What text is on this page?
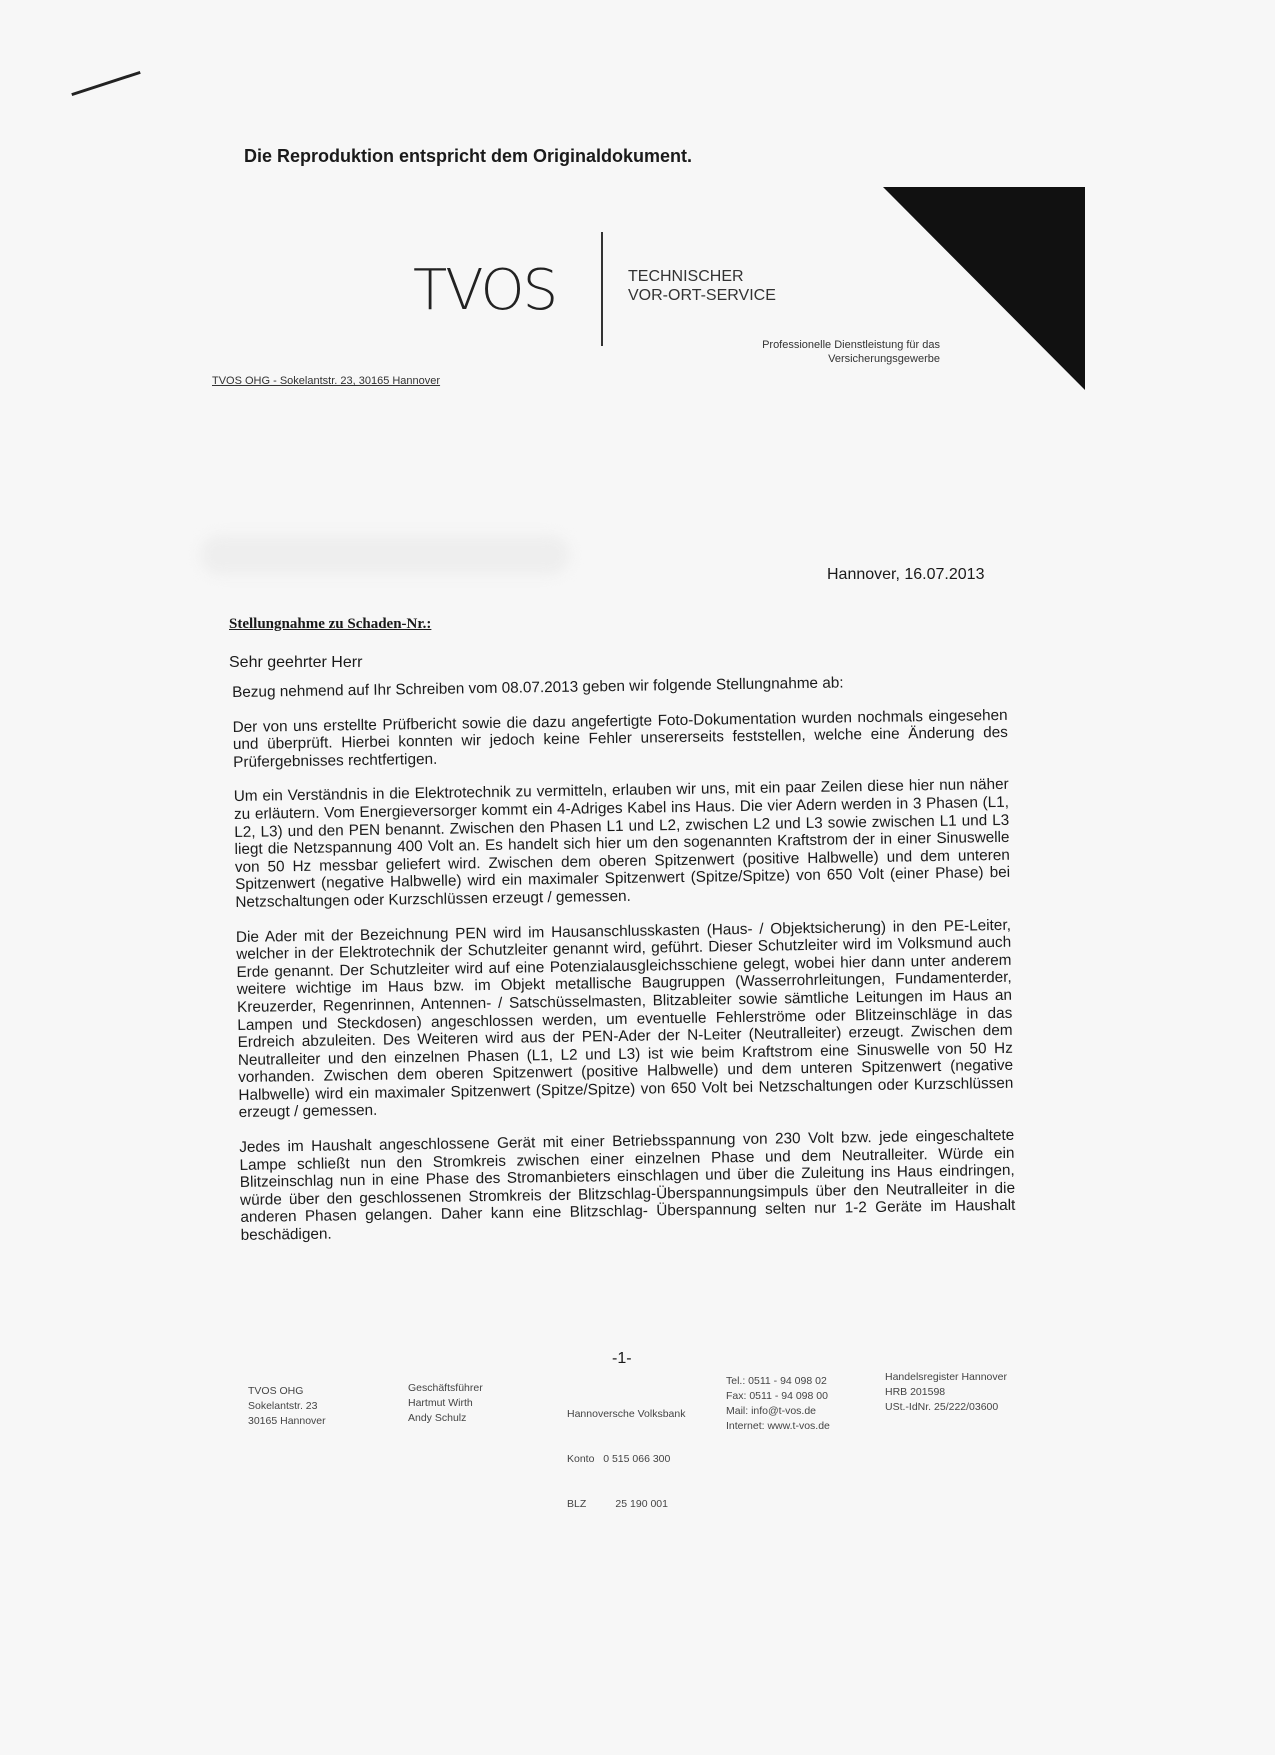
Die Reproduktion entspricht dem Originaldokument.
TVOS	TECHNISCHER
VOR-ORT-SERVICE
Professionelle Dienstleistung für das
Versicherungsgewerbe
TVOS OHG - Sokelantstr. 23, 30165 Hannover
Hannover, 16.07.2013
Stellungnahme zu Schaden-Nr.:
Sehr geehrter Herr

Bezug nehmend auf Ihr Schreiben vom 08.07.2013 geben wir folgende Stellungnahme ab:

Der von uns erstellte Prüfbericht sowie die dazu angefertigte Foto-Dokumentation wurden nochmals eingesehen und überprüft. Hierbei konnten wir jedoch keine Fehler unsererseits feststellen, welche eine Änderung des Prüfergebnisses rechtfertigen.

Um ein Verständnis in die Elektrotechnik zu vermitteln, erlauben wir uns, mit ein paar Zeilen diese hier nun näher zu erläutern. Vom Energieversorger kommt ein 4-Adriges Kabel ins Haus. Die vier Adern werden in 3 Phasen (L1, L2, L3) und den PEN benannt. Zwischen den Phasen L1 und L2, zwischen L2 und L3 sowie zwischen L1 und L3 liegt die Netzspannung 400 Volt an. Es handelt sich hier um den sogenannten Kraftstrom der in einer Sinuswelle von 50 Hz messbar geliefert wird. Zwischen dem oberen Spitzenwert (positive Halbwelle) und dem unteren Spitzenwert (negative Halbwelle) wird ein maximaler Spitzenwert (Spitze/Spitze) von 650 Volt (einer Phase) bei Netzschaltungen oder Kurzschlüssen erzeugt / gemessen.

Die Ader mit der Bezeichnung PEN wird im Hausanschlusskasten (Haus- / Objektsicherung) in den PE-Leiter, welcher in der Elektrotechnik der Schutzleiter genannt wird, geführt. Dieser Schutzleiter wird im Volksmund auch Erde genannt. Der Schutzleiter wird auf eine Potenzialausgleichsschiene gelegt, wobei hier dann unter anderem weitere wichtige im Haus bzw. im Objekt metallische Baugruppen (Wasserrohrleitungen, Fundamenterder, Kreuzerder, Regenrinnen, Antennen- / Satschüsselmasten, Blitzableiter sowie sämtliche Leitungen im Haus an Lampen und Steckdosen) angeschlossen werden, um eventuelle Fehlerströme oder Blitzeinschläge in das Erdreich abzuleiten. Des Weiteren wird aus der PEN-Ader der N-Leiter (Neutralleiter) erzeugt. Zwischen dem Neutralleiter und den einzelnen Phasen (L1, L2 und L3) ist wie beim Kraftstrom eine Sinuswelle von 50 Hz vorhanden. Zwischen dem oberen Spitzenwert (positive Halbwelle) und dem unteren Spitzenwert (negative Halbwelle) wird ein maximaler Spitzenwert (Spitze/Spitze) von 650 Volt bei Netzschaltungen oder Kurzschlüssen erzeugt / gemessen.

Jedes im Haushalt angeschlossene Gerät mit einer Betriebsspannung von 230 Volt bzw. jede eingeschaltete Lampe schließt nun den Stromkreis zwischen einer einzelnen Phase und dem Neutralleiter. Würde ein Blitzeinschlag nun in eine Phase des Stromanbieters einschlagen und über die Zuleitung ins Haus eindringen, würde über den geschlossenen Stromkreis der Blitzschlag-Überspannungsimpuls über den Neutralleiter in die anderen Phasen gelangen. Daher kann eine Blitzschlag- Überspannung selten nur 1-2 Geräte im Haushalt beschädigen.

-1-
TVOS OHG
Sokelantstr. 23
30165 Hannover
Geschäftsführer
Hartmut Wirth
Andy Schulz

	Hannoversche Volksbank

Konto   0 515 066 300

BLZ          25 190 001

Tel.: 0511 - 94 098 02
Fax: 0511 - 94 098 00
Mail: info@t-vos.de
Internet: www.t-vos.de
Handelsregister Hannover
HRB 201598
USt.-IdNr. 25/222/03600
